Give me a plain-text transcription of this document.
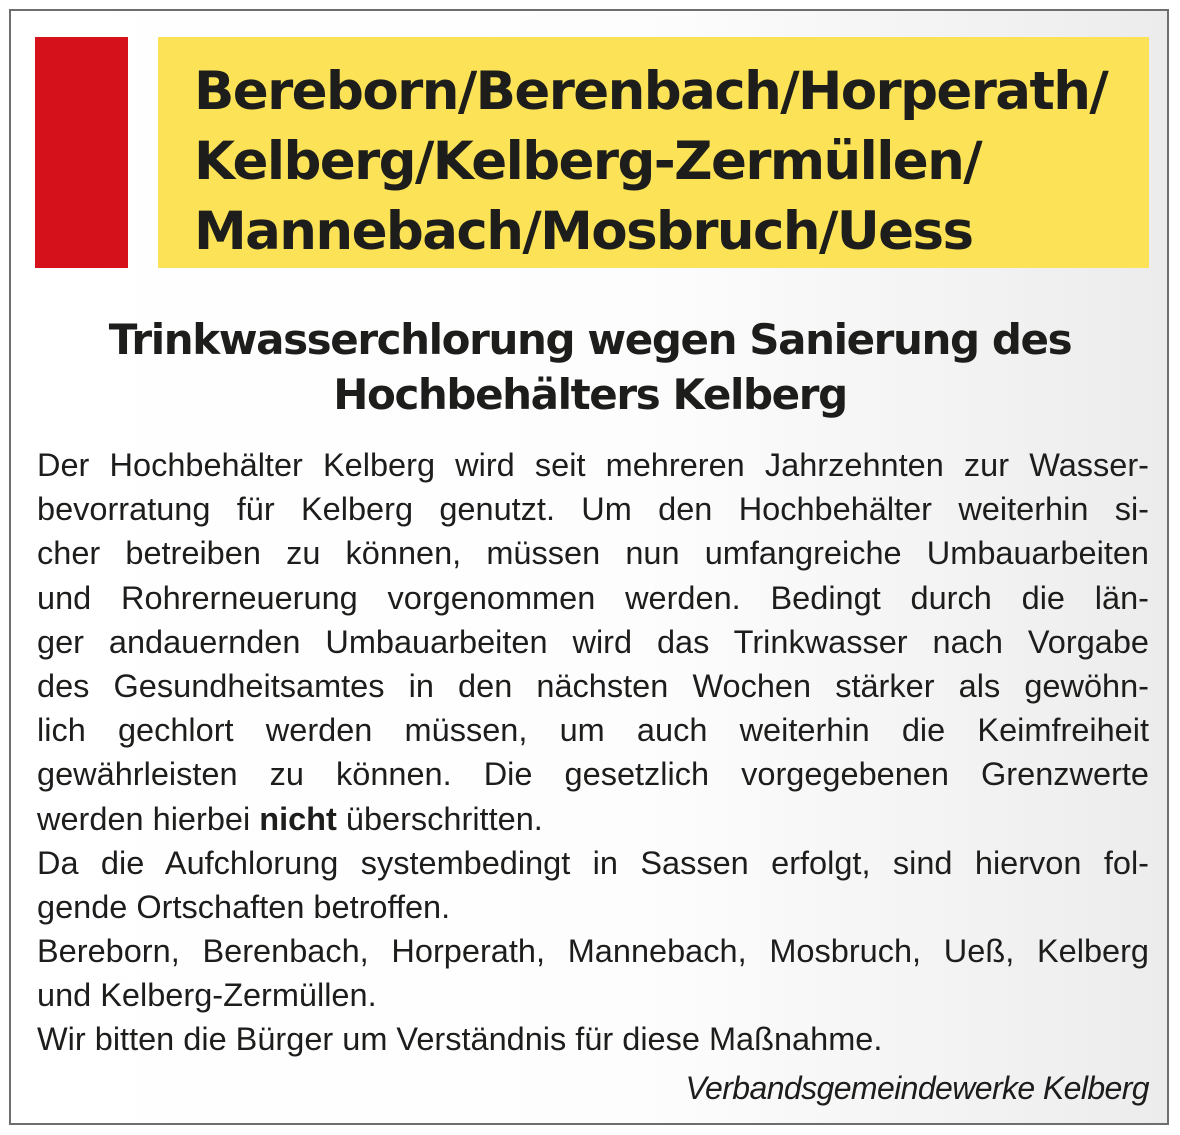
Bereborn/Berenbach/Horperath/
Kelberg/Kelberg-Zermüllen/
Mannebach/Mosbruch/Uess
Trinkwasserchlorung wegen Sanierung des
Hochbehälters Kelberg
Der Hochbehälter Kelberg wird seit mehreren Jahrzehnten zur Wasser-
bevorratung für Kelberg genutzt. Um den Hochbehälter weiterhin si-
cher betreiben zu können, müssen nun umfangreiche Umbauarbeiten
und Rohrerneuerung vorgenommen werden. Bedingt durch die län-
ger andauernden Umbauarbeiten wird das Trinkwasser nach Vorgabe
des Gesundheitsamtes in den nächsten Wochen stärker als gewöhn-
lich gechlort werden müssen, um auch weiterhin die Keimfreiheit
gewährleisten zu können. Die gesetzlich vorgegebenen Grenzwerte
werden hierbei nicht überschritten.
Da die Aufchlorung systembedingt in Sassen erfolgt, sind hiervon fol-
gende Ortschaften betroffen.
Bereborn, Berenbach, Horperath, Mannebach, Mosbruch, Ueß, Kelberg
und Kelberg-Zermüllen.
Wir bitten die Bürger um Verständnis für diese Maßnahme.
Verbandsgemeindewerke Kelberg
